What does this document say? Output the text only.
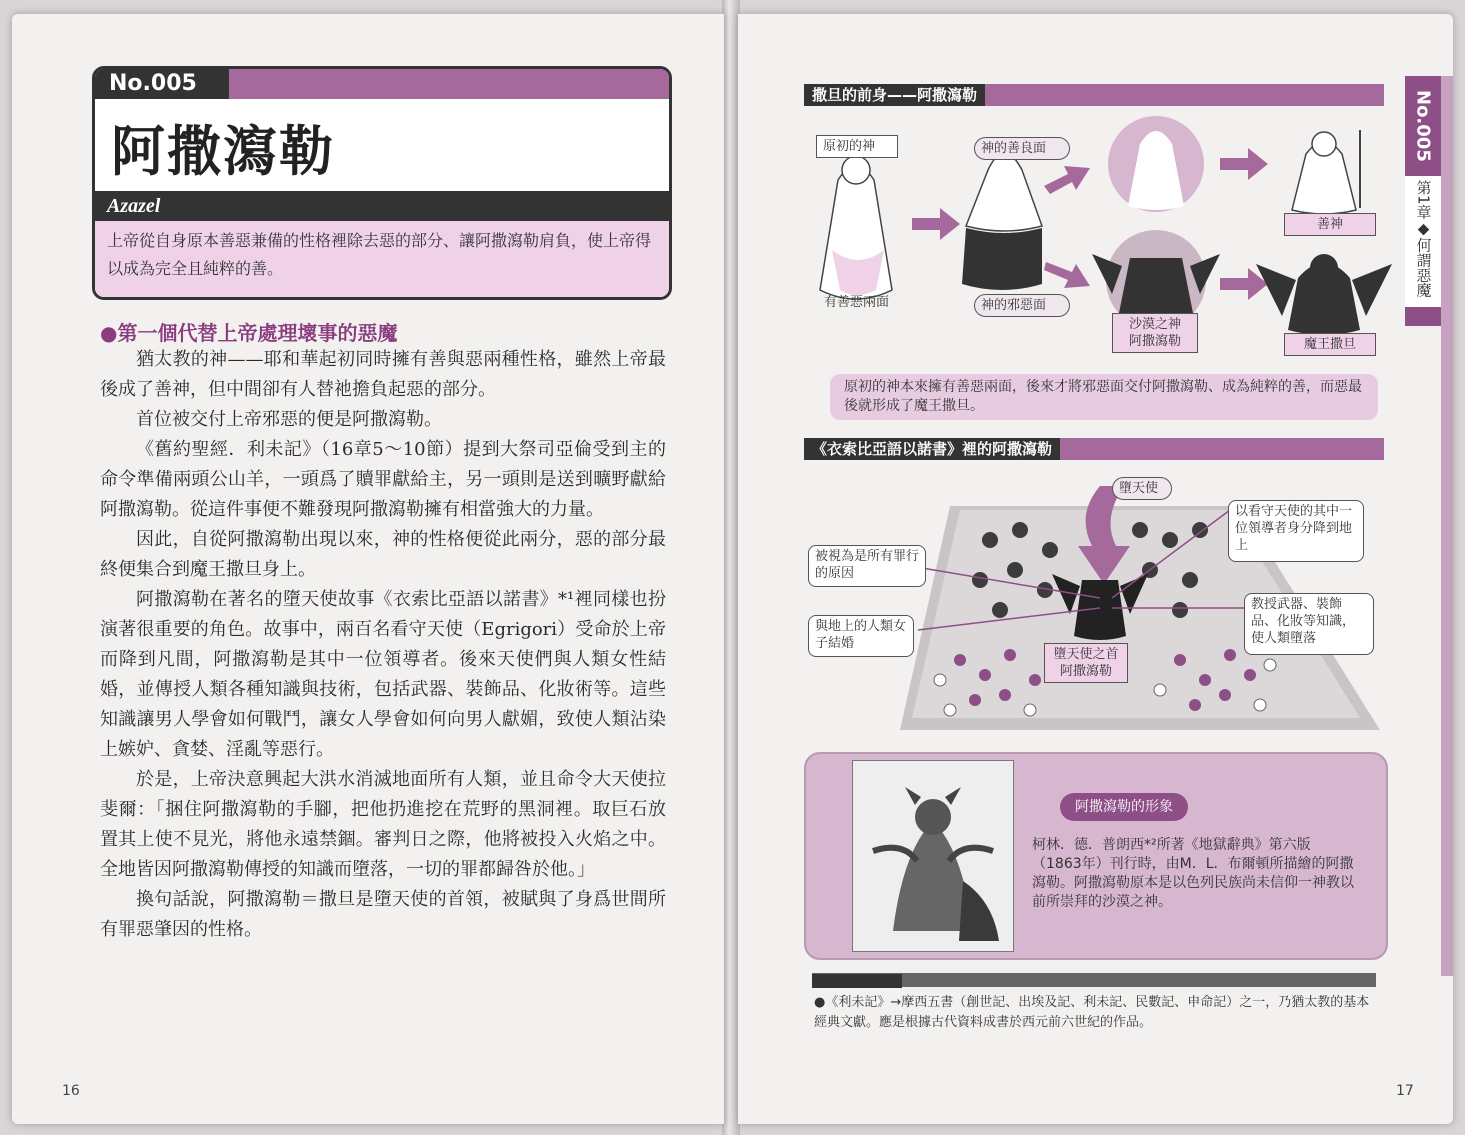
No.005
阿撒瀉勒
Azazel
上帝從自身原本善惡兼備的性格裡除去惡的部分、讓阿撒瀉勒肩負，使上帝得以成為完全且純粹的善。
●第一個代替上帝處理壞事的惡魔

猶太教的神——耶和華起初同時擁有善與惡兩種性格，雖然上帝最後成了善神，但中間卻有人替祂擔負起惡的部分。

首位被交付上帝邪惡的便是阿撒瀉勒。

《舊約聖經．利未記》（16章5～10節）提到大祭司亞倫受到主的命令準備兩頭公山羊，一頭爲了贖罪獻給主，另一頭則是送到曠野獻給阿撒瀉勒。從這件事便不難發現阿撒瀉勒擁有相當強大的力量。

因此，自從阿撒瀉勒出現以來，神的性格便從此兩分，惡的部分最終便集合到魔王撒旦身上。

阿撒瀉勒在著名的墮天使故事《衣索比亞語以諾書》*¹裡同樣也扮演著很重要的角色。故事中，兩百名看守天使（Egrigori）受命於上帝而降到凡間，阿撒瀉勒是其中一位領導者。後來天使們與人類女性結婚，並傳授人類各種知識與技術，包括武器、裝飾品、化妝術等。這些知識讓男人學會如何戰鬥，讓女人學會如何向男人獻媚，致使人類沾染上嫉妒、貪婪、淫亂等惡行。

於是，上帝決意興起大洪水消滅地面所有人類，並且命令大天使拉斐爾：「捆住阿撒瀉勒的手腳，把他扔進挖在荒野的黑洞裡。取巨石放置其上使不見光，將他永遠禁錮。審判日之際，他將被投入火焰之中。全地皆因阿撒瀉勒傳授的知識而墮落，一切的罪都歸咎於他。」

換句話說，阿撒瀉勒＝撒旦是墮天使的首領，被賦與了身爲世間所有罪惡肇因的性格。

16
No.005
第1章◆何謂惡魔
撒旦的前身——阿撒瀉勒
原初的神
有善惡兩面
神的善良面
神的邪惡面
沙漠之神
阿撒瀉勒
善神
魔王撒旦
原初的神本來擁有善惡兩面，後來才將邪惡面交付阿撒瀉勒、成為純粹的善，而惡最後就形成了魔王撒旦。
《衣索比亞語以諾書》裡的阿撒瀉勒
墮天使
以看守天使的其中一位領導者身分降到地上
被視為是所有罪行的原因
與地上的人類女子結婚
教授武器、裝飾品、化妝等知識，使人類墮落
墮天使之首
阿撒瀉勒
阿撒瀉勒的形象
柯林．德．普朗西*²所著《地獄辭典》第六版（1863年）刊行時，由M．L．布爾頓所描繪的阿撒瀉勒。阿撒瀉勒原本是以色列民族尚未信仰一神教以前所崇拜的沙漠之神。
●《利未記》→摩西五書（創世記、出埃及記、利未記、民數記、申命記）之一，乃猶太教的基本經典文獻。應是根據古代資料成書於西元前六世紀的作品。
17
